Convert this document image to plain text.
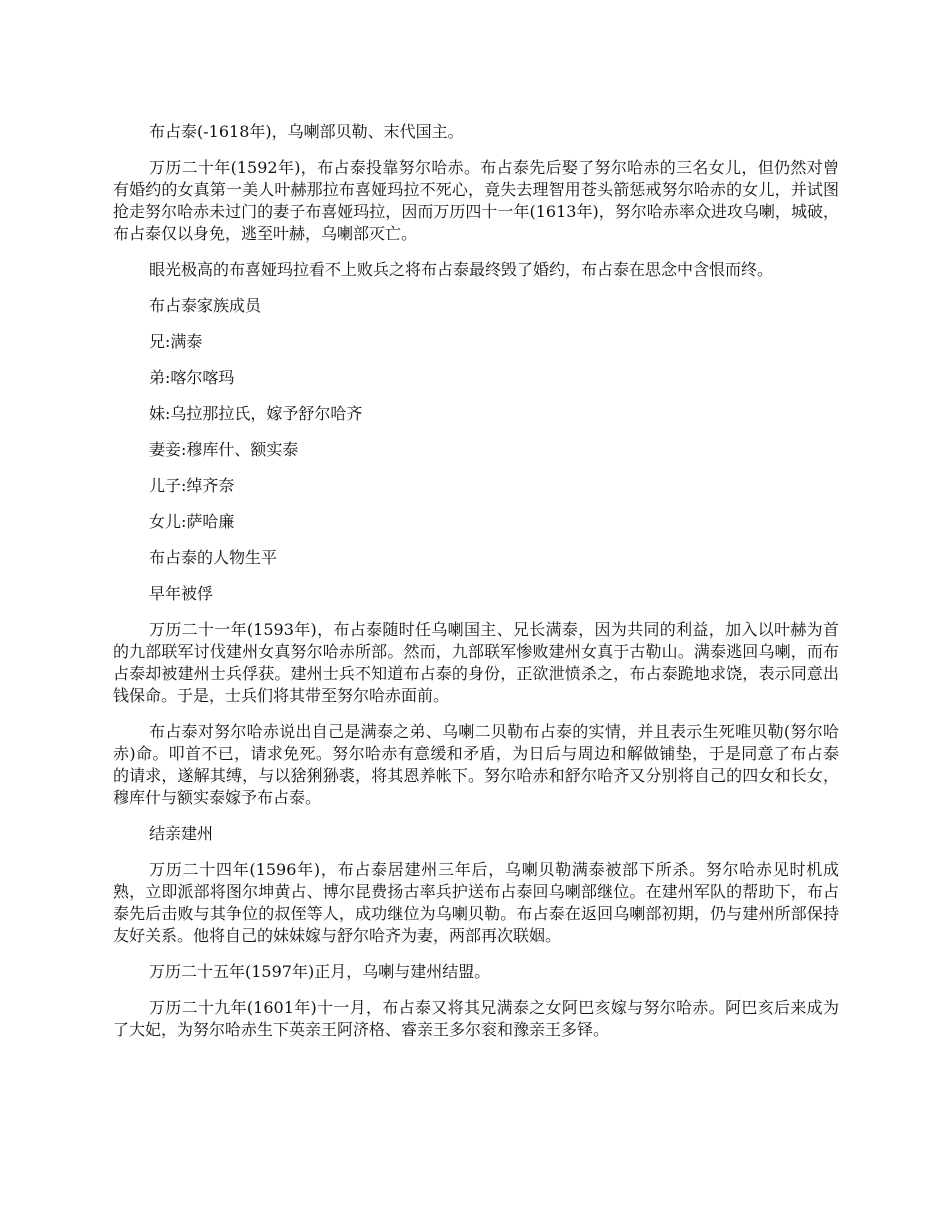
布占泰(-1618年)，乌喇部贝勒、末代国主。

万历二十年(1592年)，布占泰投靠努尔哈赤。布占泰先后娶了努尔哈赤的三名女儿，但仍然对曾有婚约的女真第一美人叶赫那拉布喜娅玛拉不死心，竟失去理智用苍头箭惩戒努尔哈赤的女儿，并试图抢走努尔哈赤未过门的妻子布喜娅玛拉，因而万历四十一年(1613年)，努尔哈赤率众进攻乌喇，城破，布占泰仅以身免，逃至叶赫，乌喇部灭亡。

眼光极高的布喜娅玛拉看不上败兵之将布占泰最终毁了婚约，布占泰在思念中含恨而终。

布占泰家族成员

兄:满泰

弟:喀尔喀玛

妹:乌拉那拉氏，嫁予舒尔哈齐

妻妾:穆库什、额实泰

儿子:绰齐奈

女儿:萨哈廉

布占泰的人物生平

早年被俘

万历二十一年(1593年)，布占泰随时任乌喇国主、兄长满泰，因为共同的利益，加入以叶赫为首的九部联军讨伐建州女真努尔哈赤所部。然而，九部联军惨败建州女真于古勒山。满泰逃回乌喇，而布占泰却被建州士兵俘获。建州士兵不知道布占泰的身份，正欲泄愤杀之，布占泰跪地求饶，表示同意出钱保命。于是，士兵们将其带至努尔哈赤面前。

布占泰对努尔哈赤说出自己是满泰之弟、乌喇二贝勒布占泰的实情，并且表示生死唯贝勒(努尔哈赤)命。叩首不已，请求免死。努尔哈赤有意缓和矛盾，为日后与周边和解做铺垫，于是同意了布占泰的请求，遂解其缚，与以猞猁狲裘，将其恩养帐下。努尔哈赤和舒尔哈齐又分别将自己的四女和长女，穆库什与额实泰嫁予布占泰。

结亲建州

万历二十四年(1596年)，布占泰居建州三年后，乌喇贝勒满泰被部下所杀。努尔哈赤见时机成熟，立即派部将图尔坤黄占、博尔昆费扬古率兵护送布占泰回乌喇部继位。在建州军队的帮助下，布占泰先后击败与其争位的叔侄等人，成功继位为乌喇贝勒。布占泰在返回乌喇部初期，仍与建州所部保持友好关系。他将自己的妹妹嫁与舒尔哈齐为妻，两部再次联姻。

万历二十五年(1597年)正月，乌喇与建州结盟。

万历二十九年(1601年)十一月，布占泰又将其兄满泰之女阿巴亥嫁与努尔哈赤。阿巴亥后来成为了大妃，为努尔哈赤生下英亲王阿济格、睿亲王多尔衮和豫亲王多铎。
